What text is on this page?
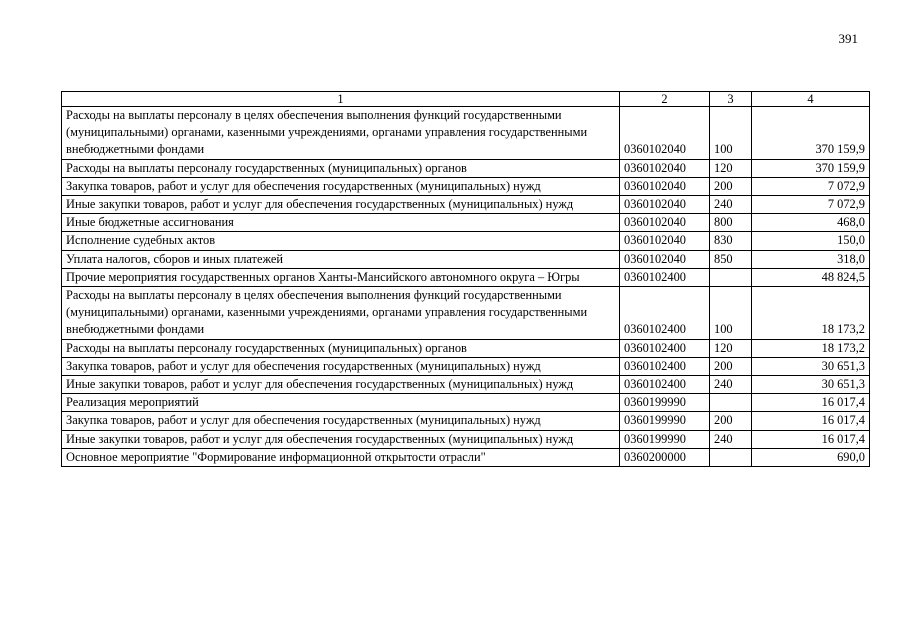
391
1	2	3	4
Расходы на выплаты персоналу в целях обеспечения выполнения функций государственными (муниципальными) органами, казенными учреждениями, органами управления государственными внебюджетными фондами	0360102040	100	370 159,9
Расходы на выплаты персоналу государственных (муниципальных) органов	0360102040	120	370 159,9
Закупка товаров, работ и услуг для обеспечения государственных (муниципальных) нужд	0360102040	200	7 072,9
Иные закупки товаров, работ и услуг для обеспечения государственных (муниципальных) нужд	0360102040	240	7 072,9
Иные бюджетные ассигнования	0360102040	800	468,0
Исполнение судебных актов	0360102040	830	150,0
Уплата налогов, сборов и иных платежей	0360102040	850	318,0
Прочие мероприятия государственных органов Ханты-Мансийского автономного округа – Югры	0360102400		48 824,5
Расходы на выплаты персоналу в целях обеспечения выполнения функций государственными (муниципальными) органами, казенными учреждениями, органами управления государственными внебюджетными фондами	0360102400	100	18 173,2
Расходы на выплаты персоналу государственных (муниципальных) органов	0360102400	120	18 173,2
Закупка товаров, работ и услуг для обеспечения государственных (муниципальных) нужд	0360102400	200	30 651,3
Иные закупки товаров, работ и услуг для обеспечения государственных (муниципальных) нужд	0360102400	240	30 651,3
Реализация мероприятий	0360199990		16 017,4
Закупка товаров, работ и услуг для обеспечения государственных (муниципальных) нужд	0360199990	200	16 017,4
Иные закупки товаров, работ и услуг для обеспечения государственных (муниципальных) нужд	0360199990	240	16 017,4
Основное мероприятие "Формирование информационной открытости отрасли"	0360200000		690,0
